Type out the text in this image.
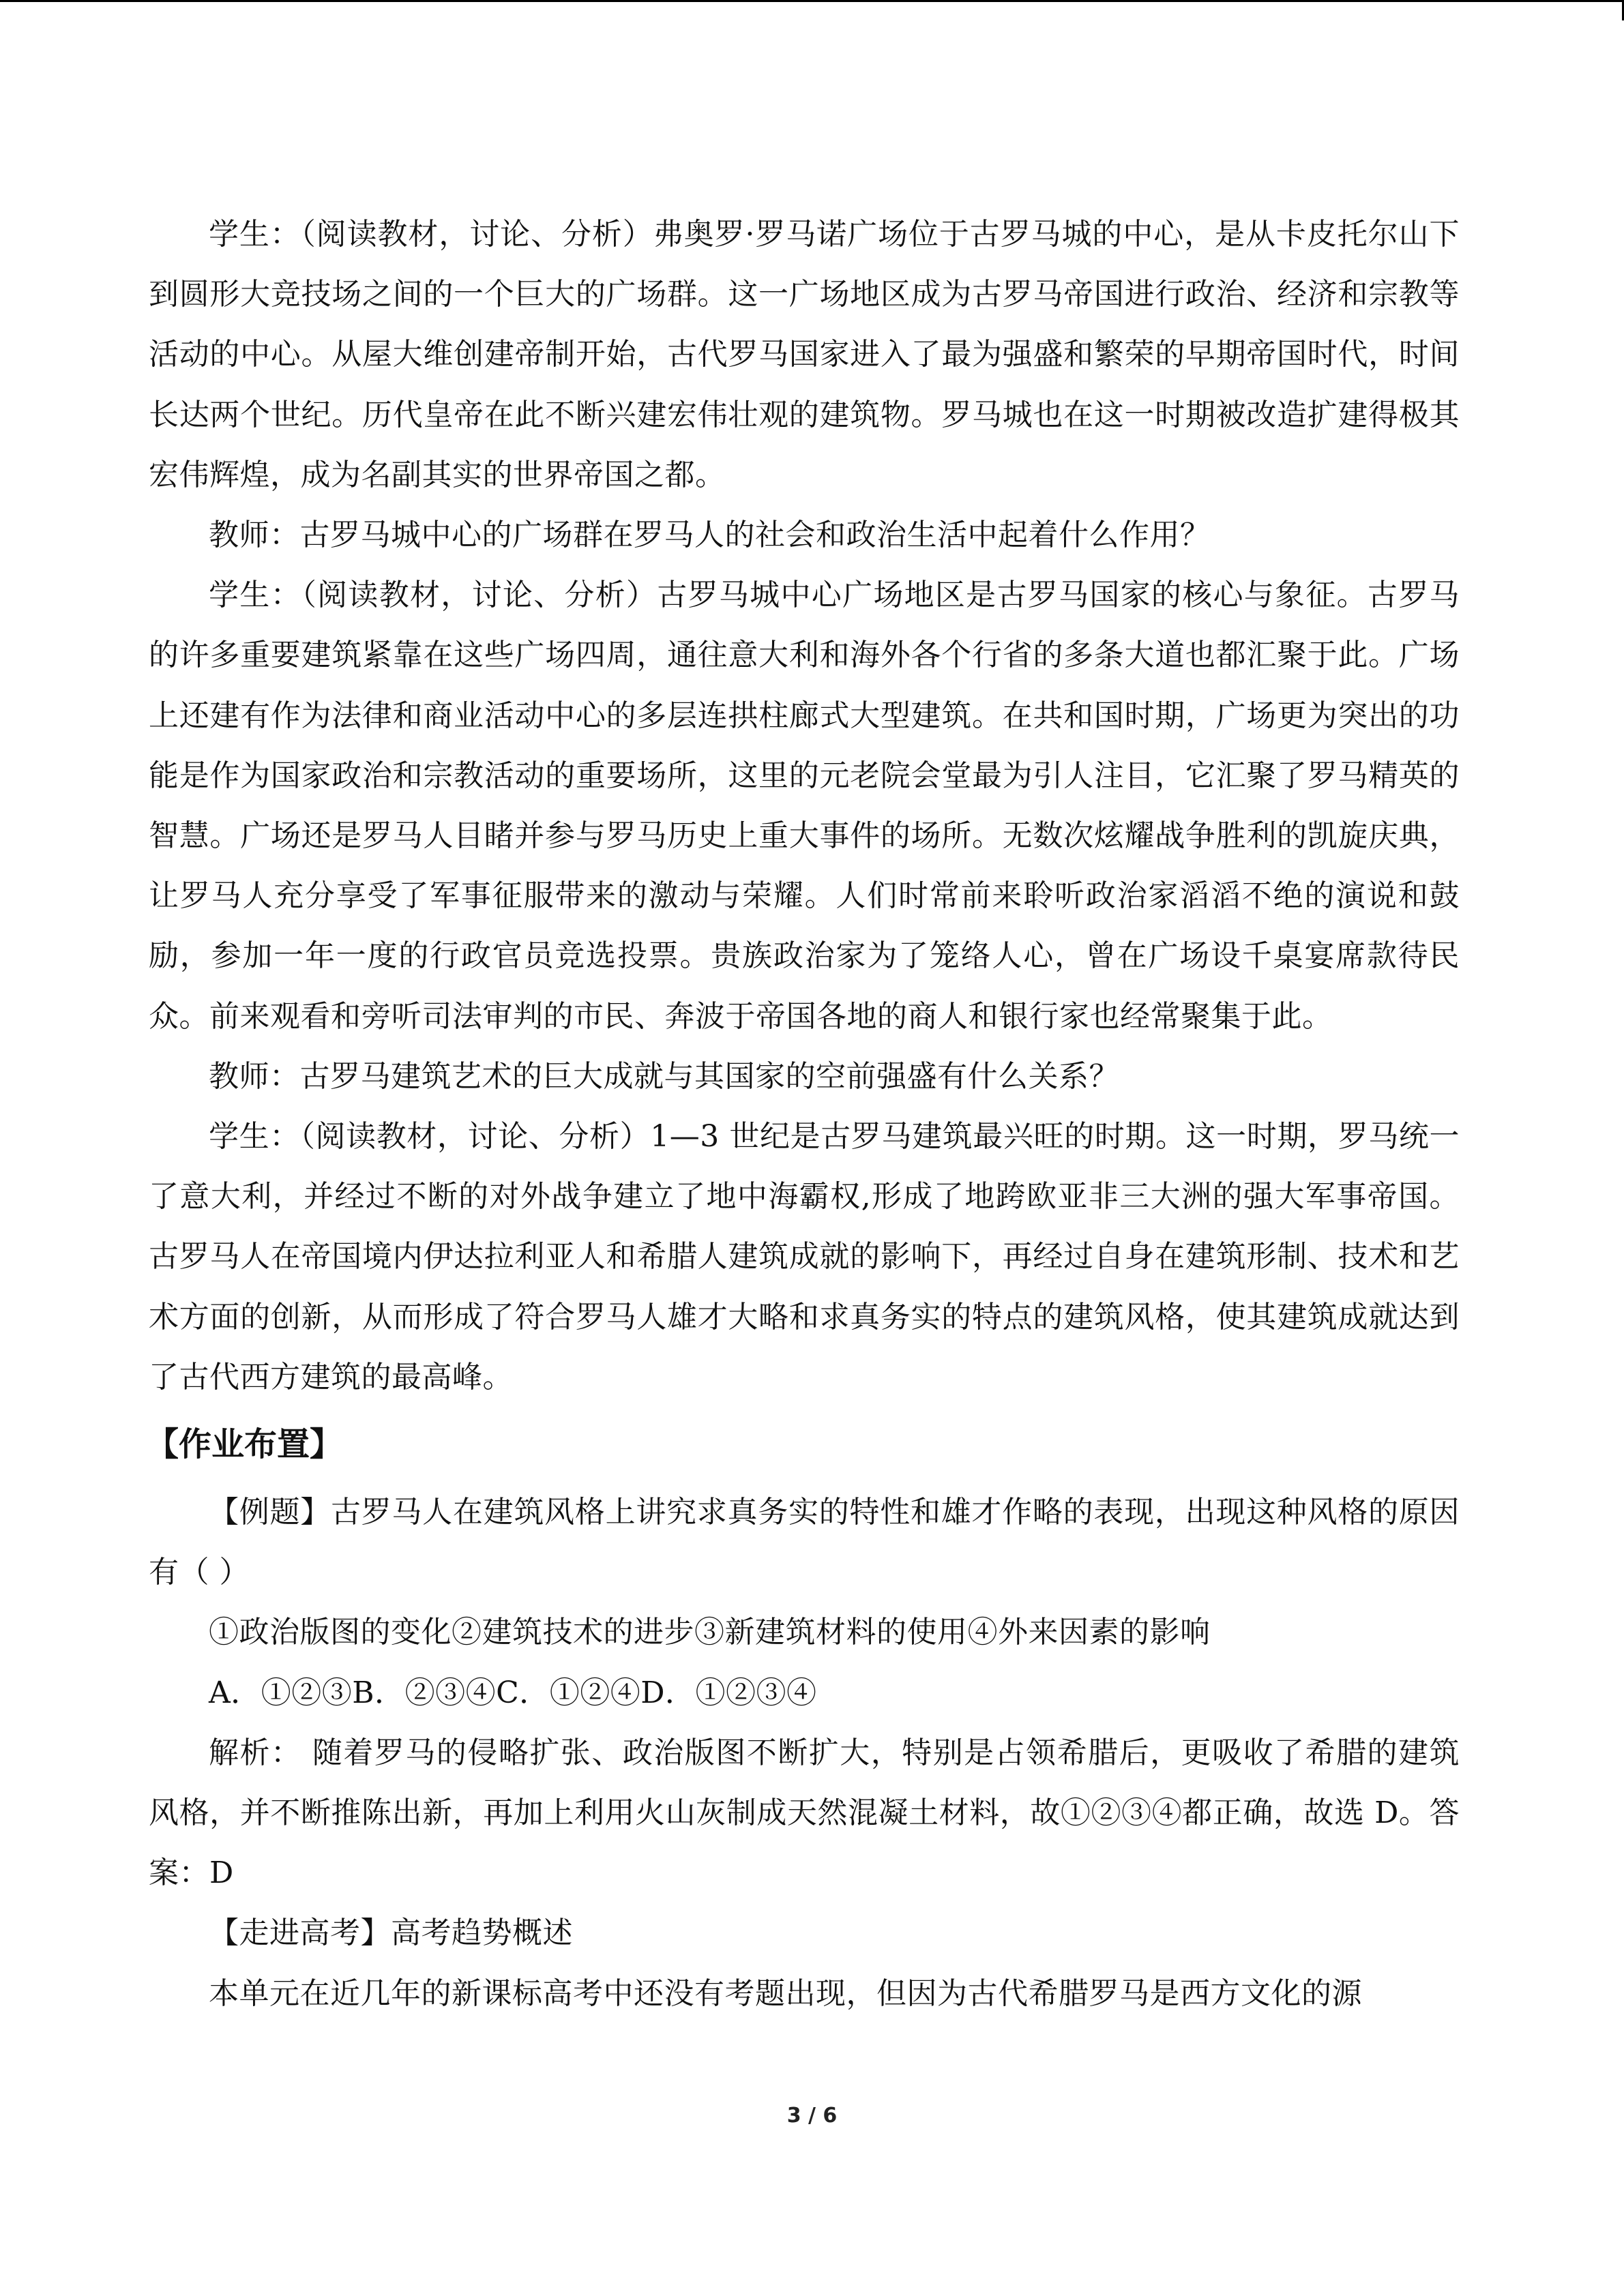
学生：（阅读教材，讨论、分析）弗奥罗·罗马诺广场位于古罗马城的中心，是从卡皮托尔山下到圆形大竞技场之间的一个巨大的广场群。这一广场地区成为古罗马帝国进行政治、经济和宗教等活动的中心。从屋大维创建帝制开始，古代罗马国家进入了最为强盛和繁荣的早期帝国时代，时间长达两个世纪。历代皇帝在此不断兴建宏伟壮观的建筑物。罗马城也在这一时期被改造扩建得极其宏伟辉煌，成为名副其实的世界帝国之都。

教师：古罗马城中心的广场群在罗马人的社会和政治生活中起着什么作用？

学生：（阅读教材，讨论、分析）古罗马城中心广场地区是古罗马国家的核心与象征。古罗马的许多重要建筑紧靠在这些广场四周，通往意大利和海外各个行省的多条大道也都汇聚于此。广场上还建有作为法律和商业活动中心的多层连拱柱廊式大型建筑。在共和国时期，广场更为突出的功能是作为国家政治和宗教活动的重要场所，这里的元老院会堂最为引人注目，它汇聚了罗马精英的智慧。广场还是罗马人目睹并参与罗马历史上重大事件的场所。无数次炫耀战争胜利的凯旋庆典，让罗马人充分享受了军事征服带来的激动与荣耀。人们时常前来聆听政治家滔滔不绝的演说和鼓励，参加一年一度的行政官员竞选投票。贵族政治家为了笼络人心，曾在广场设千桌宴席款待民众。前来观看和旁听司法审判的市民、奔波于帝国各地的商人和银行家也经常聚集于此。

教师：古罗马建筑艺术的巨大成就与其国家的空前强盛有什么关系？

学生：（阅读教材，讨论、分析）1—3 世纪是古罗马建筑最兴旺的时期。这一时期，罗马统一了意大利，并经过不断的对外战争建立了地中海霸权,形成了地跨欧亚非三大洲的强大军事帝国。古罗马人在帝国境内伊达拉利亚人和希腊人建筑成就的影响下，再经过自身在建筑形制、技术和艺术方面的创新，从而形成了符合罗马人雄才大略和求真务实的特点的建筑风格，使其建筑成就达到了古代西方建筑的最高峰。

【作业布置】

【例题】古罗马人在建筑风格上讲究求真务实的特性和雄才作略的表现，出现这种风格的原因有（ ）

①政治版图的变化②建筑技术的进步③新建筑材料的使用④外来因素的影响

A．①②③B．②③④C．①②④D．①②③④

解析： 随着罗马的侵略扩张、政治版图不断扩大，特别是占领希腊后，更吸收了希腊的建筑风格，并不断推陈出新，再加上利用火山灰制成天然混凝土材料，故①②③④都正确，故选 D。答案：D

【走进高考】高考趋势概述

本单元在近几年的新课标高考中还没有考题出现，但因为古代希腊罗马是西方文化的源

3 / 6
